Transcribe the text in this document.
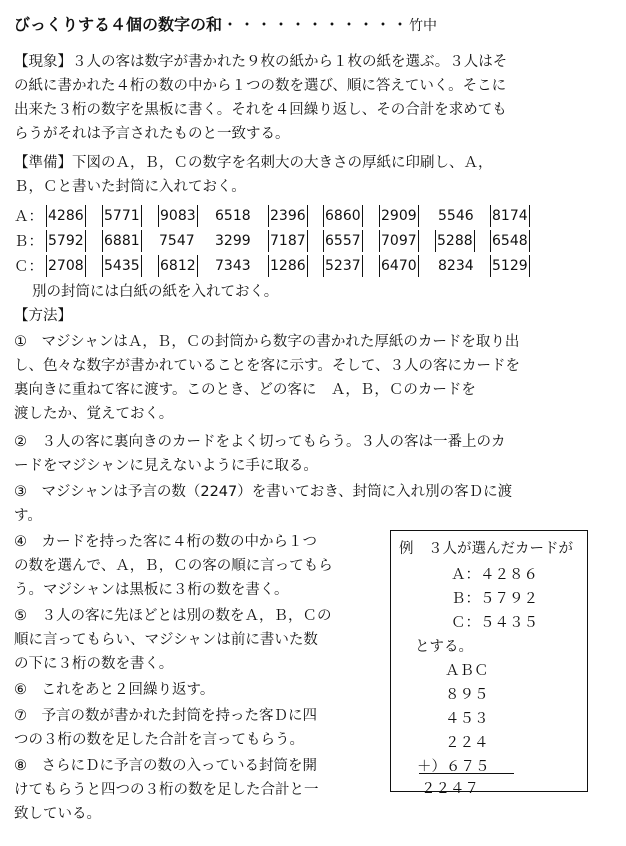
びっくりする４個の数字の和・・・・・・・・・・・竹中
【現象】３人の客は数字が書かれた９枚の紙から１枚の紙を選ぶ。３人はそ
の紙に書かれた４桁の数の中から１つの数を選び、順に答えていく。そこに
出来た３桁の数字を黒板に書く。それを４回繰り返し、その合計を求めても
らうがそれは予言されたものと一致する。
【準備】下図のＡ，Ｂ，Ｃの数字を名刺大の大きさの厚紙に印刷し、Ａ，
Ｂ，Ｃと書いた封筒に入れておく。
Ａ： 4286 5771 9083 6518 2396 6860 2909 5546 8174
Ｂ： 5792 6881 7547 3299 7187 6557 7097 5288 6548
Ｃ： 2708 5435 6812 7343 1286 5237 6470 8234 5129
別の封筒には白紙の紙を入れておく。
【方法】
①　マジシャンはＡ，Ｂ，Ｃの封筒から数字の書かれた厚紙のカードを取り出
し、色々な数字が書かれていることを客に示す。そして、３人の客にカードを
裏向きに重ねて客に渡す。このとき、どの客に　Ａ，Ｂ，Ｃのカードを
渡したか、覚えておく。
②　３人の客に裏向きのカードをよく切ってもらう。３人の客は一番上のカ
ードをマジシャンに見えないように手に取る。
③　マジシャンは予言の数（2247）を書いておき、封筒に入れ別の客Ｄに渡
す。
④　カードを持った客に４桁の数の中から１つ
の数を選んで、Ａ，Ｂ，Ｃの客の順に言ってもら
う。マジシャンは黒板に３桁の数を書く。
⑤　３人の客に先ほどとは別の数をＡ，Ｂ，Ｃの
順に言ってもらい、マジシャンは前に書いた数
の下に３桁の数を書く。
⑥　これをあと２回繰り返す。
⑦　予言の数が書かれた封筒を持った客Ｄに四
つの３桁の数を足した合計を言ってもらう。
⑧　さらにＤに予言の数の入っている封筒を開
けてもらうと四つの３桁の数を足した合計と一
致している。
例　３人が選んだカードが
Ａ：４２８６
Ｂ：５７９２
Ｃ：５４３５
とする。
ＡＢＣ
８９５
４５３
２２４
＋）６７５
２２４７
